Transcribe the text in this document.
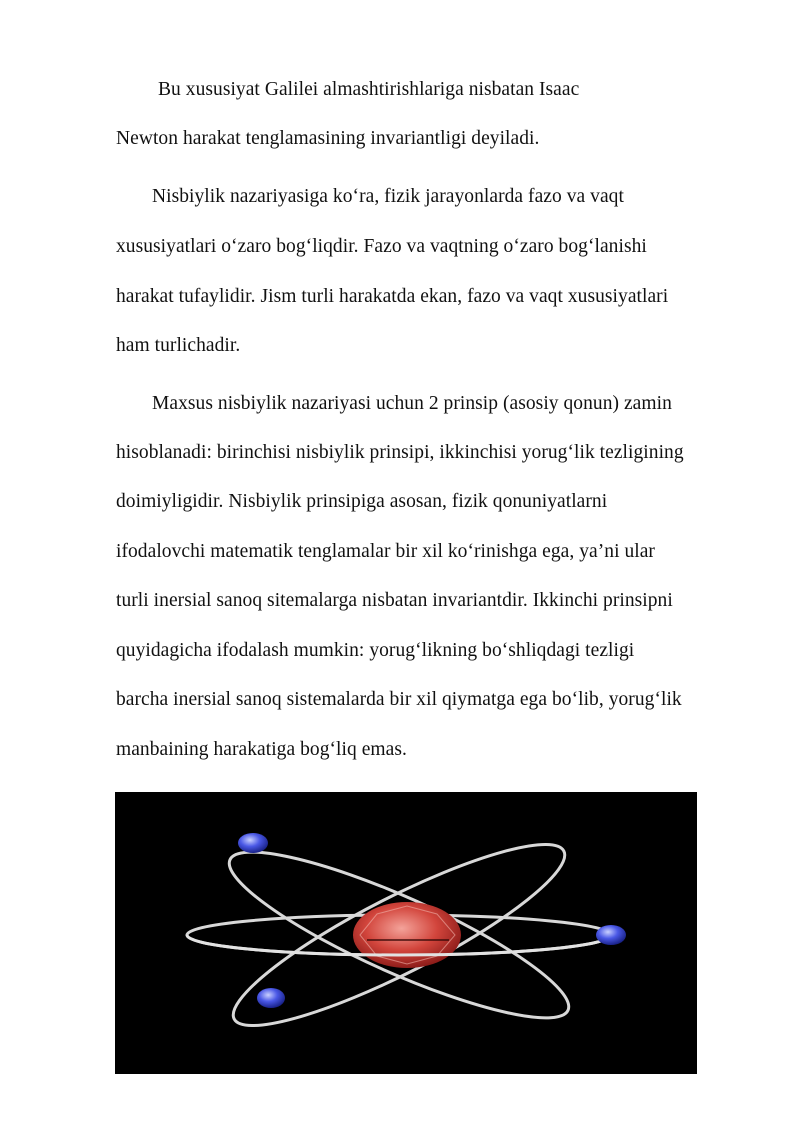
Bu xususiyat Galilei almashtirishlariga nisbatan Isaac
Newton harakat tenglamasining invariantligi deyiladi.
Nisbiylik nazariyasiga ko‘ra, fizik jarayonlarda fazo va vaqt
xususiyatlari o‘zaro bog‘liqdir. Fazo va vaqtning o‘zaro bog‘lanishi
harakat tufaylidir. Jism turli harakatda ekan, fazo va vaqt xususiyatlari
ham turlichadir.
Maxsus nisbiylik nazariyasi uchun 2 prinsip (asosiy qonun) zamin
hisoblanadi: birinchisi nisbiylik prinsipi, ikkinchisi yorug‘lik tezligining
doimiyligidir. Nisbiylik prinsipiga asosan, fizik qonuniyatlarni
ifodalovchi matematik tenglamalar bir xil ko‘rinishga ega, ya’ni ular
turli inersial sanoq sitemalarga nisbatan invariantdir. Ikkinchi prinsipni
quyidagicha ifodalash mumkin: yorug‘likning bo‘shliqdagi tezligi
barcha inersial sanoq sistemalarda bir xil qiymatga ega bo‘lib, yorug‘lik
manbaining harakatiga bog‘liq emas.
